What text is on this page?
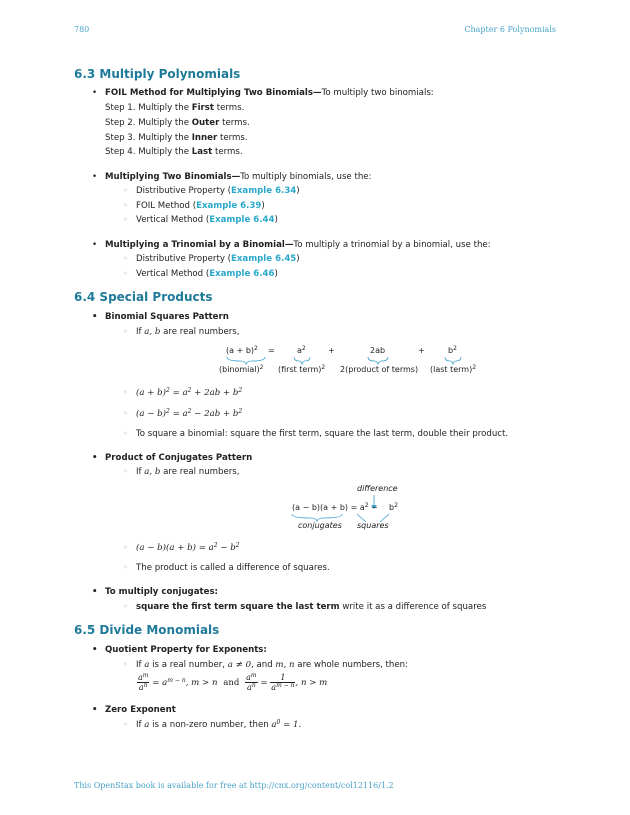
780	Chapter 6 Polynomials
6.3 Multiply Polynomials
• FOIL Method for Multiplying Two Binomials—To multiply two binomials:
Step 1. Multiply the First terms.
Step 2. Multiply the Outer terms.
Step 3. Multiply the Inner terms.
Step 4. Multiply the Last terms.
• Multiplying Two Binomials—To multiply binomials, use the:
◦ Distributive Property (Example 6.34)
◦ FOIL Method (Example 6.39)
◦ Vertical Method (Example 6.44)
• Multiplying a Trinomial by a Binomial—To multiply a trinomial by a binomial, use the:
◦ Distributive Property (Example 6.45)
◦ Vertical Method (Example 6.46)
6.4 Special Products
• Binomial Squares Pattern
◦ If a, b are real numbers,
$(a + b)^2$ =	$a^2$	+	2ab	+	$b^2$
(binomial)$^2$ (first term)$^2$ 2(product of terms) (last term)$^2$
◦ $(a + b)^2 = a^2 + 2ab + b^2$
◦ $(a - b)^2 = a^2 - 2ab + b^2$
◦ To square a binomial: square the first term, square the last term, double their product.
• Product of Conjugates Pattern
◦ If a, b are real numbers,
difference
$(a - b)(a + b) = a^2 - b^2$
conjugates squares
◦ $(a - b)(a + b) = a^2 - b^2$
◦ The product is called a difference of squares.
• To multiply conjugates:
◦ square the first term square the last term write it as a difference of squares
6.5 Divide Monomials
• Quotient Property for Exponents:
◦ If a is a real number, a ≠ 0, and m, n are whole numbers, then:
$\frac{a^m}{a^n} = a^{m - n}$, m > n and $\frac{a^m}{a^n} = \frac{1}{a^{m - n}}$ , n > m
• Zero Exponent
◦ If a is a non-zero number, then $a^0 = 1$.
This OpenStax book is available for free at http://cnx.org/content/col12116/1.2
